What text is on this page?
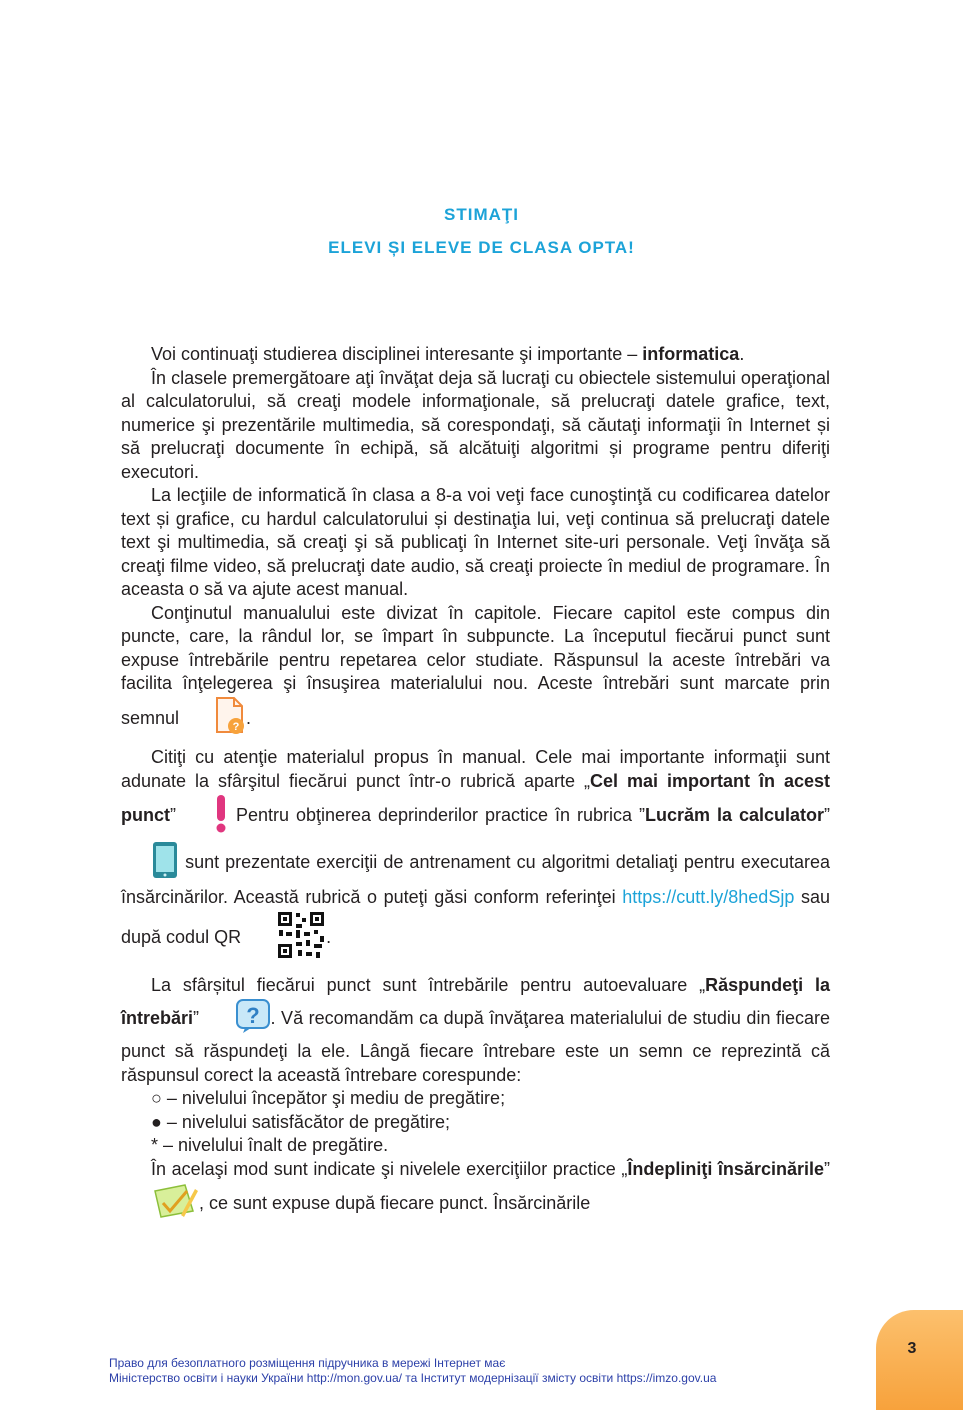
STIMAŢI
ELEVI ȘI ELEVE DE CLASA OPTA!

Voi continuaţi studierea disciplinei interesante şi importante – informatica.

În clasele premergătoare aţi învăţat deja să lucraţi cu obiectele sistemului operaţional al calculatorului, să creaţi modele informaţionale, să prelucraţi datele grafice, text, numerice şi prezentările multimedia, să corespondaţi, să căutaţi informaţii în Internet și să prelucraţi documente în echipă, să alcătuiţi algoritmi și programe pentru diferiţi executori.

La lecţiile de informatică în clasa a 8-a voi veţi face cunoştinţă cu codificarea datelor text și grafice, cu hardul calculatorului și destinaţia lui, veţi continua să prelucraţi datele text şi multimedia, să creaţi şi să publicaţi în Internet site-uri personale. Veţi învăţa să creaţi filme video, să prelucraţi date audio, să creaţi proiecte în mediul de programare. În aceasta o să va ajute acest manual.

Conţinutul manualului este divizat în capitole. Fiecare capitol este compus din puncte, care, la rândul lor, se împart în subpuncte. La începutul fiecărui punct sunt expuse întrebările pentru repetarea celor studiate. Răspunsul la aceste întrebări va facilita înţelegerea şi însuşirea materialului nou. Aceste întrebări sunt marcate prin semnul	? .

Citiţi cu atenţie materialul propus în manual. Cele mai importante informaţii sunt adunate la sfârşitul fiecărui punct într-o rubrică aparte „Cel mai important în acest punct”	Pentru obţinerea deprinderilor practice în rubrica ”Lucrăm la calculator”  sunt prezentate exerciţii de antrenament cu algoritmi detaliaţi pentru executarea însărcinărilor. Această rubrică o puteţi găsi conform referinţei https://cutt.ly/8hedSjp sau după codul QR	.

La sfârșitul fiecărui punct sunt întrebările pentru autoevaluare „Răspundeţi la întrebări” ? . Vă recomandăm ca după învăţarea materialului de studiu din fiecare punct să răspundeţi la ele. Lângă fiecare întrebare este un semn ce reprezintă că răspunsul corect la această întrebare corespunde:

○ – nivelului începător şi mediu de pregătire;

● – nivelului satisfăcător de pregătire;

* – nivelului înalt de pregătire.

În acelaşi mod sunt indicate şi nivelele exerciţiilor practice „Îndepliniţi însărcinările” , ce sunt expuse după fiecare punct. Însărcinările

Право для безоплатного розміщення підручника в мережі Інтернет має
Міністерство освіти і науки України http://mon.gov.ua/ та Інститут модернізації змісту освіти https://imzo.gov.ua
3
